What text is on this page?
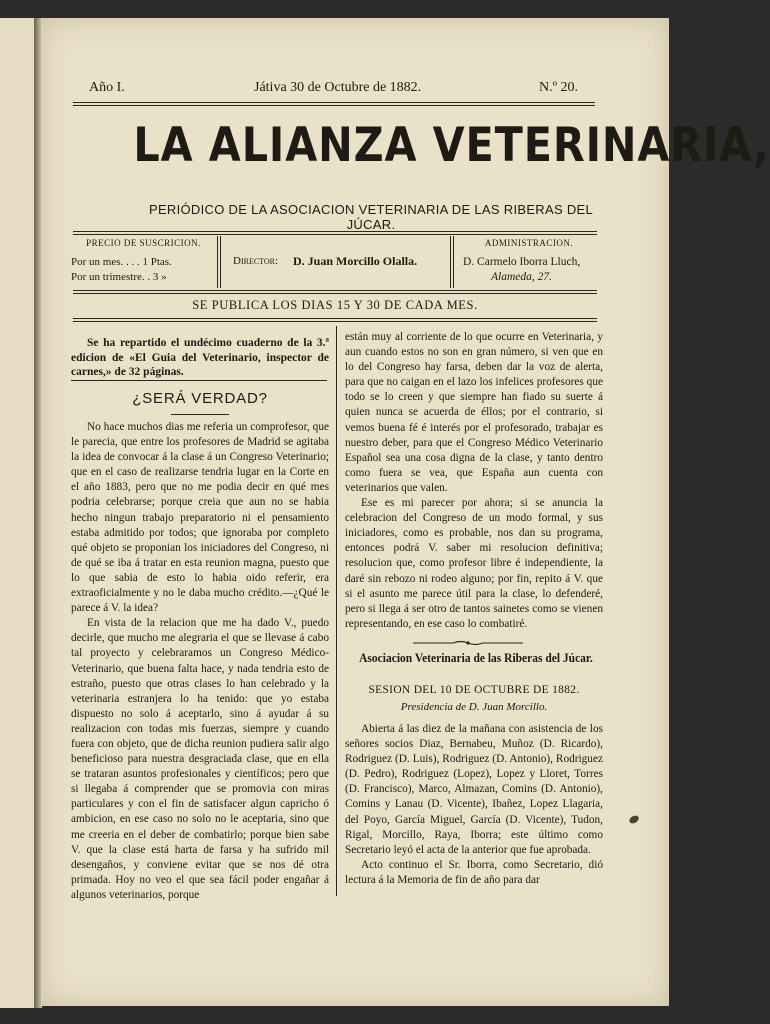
Año I.	Játiva 30 de Octubre de 1882.	N.º 20.
LA ALIANZA VETERINARIA,
PERIÓDICO DE LA ASOCIACION VETERINARIA DE LAS RIBERAS DEL JÚCAR.
PRECIO DE SUSCRICION.
Por un mes. . . . 1 Ptas.
Por un trimestre. . 3 »
Director: D. Juan Morcillo Olalla.
ADMINISTRACION.
D. Carmelo Iborra Lluch,
Alameda, 27.
SE PUBLICA LOS DIAS 15 Y 30 DE CADA MES.

Se ha repartido el undécimo cuaderno de la 3.ª edicion de «El Guia del Veterinario, inspector de carnes,» de 32 páginas.

¿SERÁ VERDAD?

No hace muchos dias me referia un comprofesor, que le parecia, que entre los profesores de Madrid se agitaba la idea de convocar á la clase á un Congreso Veterinario; que en el caso de realizarse tendria lugar en la Corte en el año 1883, pero que no me podia decir en qué mes podria celebrarse; porque creia que aun no se habia hecho ningun trabajo preparatorio ni el pensamiento estaba admitido por todos; que ignoraba por completo qué objeto se proponian los iniciadores del Congreso, ni de qué se iba á tratar en esta reunion magna, puesto que lo que sabia de esto lo habia oido referir, era extraoficialmente y no le daba mucho crédito.—¿Qué le parece á V. la idea?

En vista de la relacion que me ha dado V., puedo decirle, que mucho me alegraria el que se llevase á cabo tal proyecto y celebraramos un Congreso Médico-Veterinario, que buena falta hace, y nada tendria esto de estraño, puesto que otras clases lo han celebrado y la veterinaria estranjera lo ha tenido: que yo estaba dispuesto no solo á aceptarlo, sino á ayudar á su realizacion con todas mis fuerzas, siempre y cuando fuera con objeto, que de dicha reunion pudiera salir algo beneficioso para nuestra desgraciada clase, que en ella se trataran asuntos profesionales y científicos; pero que si llegaba á comprender que se promovia con miras particulares y con el fin de satisfacer algun capricho ó ambicion, en ese caso no solo no le aceptaria, sino que me creeria en el deber de combatirlo; porque bien sabe V. que la clase está harta de farsa y ha sufrido mil desengaños, y conviene evitar que se nos dé otra primada. Hoy no veo el que sea fácil poder engañar á algunos veterinarios, porque

están muy al corriente de lo que ocurre en Veterinaria, y aun cuando estos no son en gran número, si ven que en lo del Congreso hay farsa, deben dar la voz de alerta, para que no caigan en el lazo los infelices profesores que todo se lo creen y que siempre han fiado su suerte á quien nunca se acuerda de éllos; por el contrario, si vemos buena fé é interés por el profesorado, trabajar es nuestro deber, para que el Congreso Médico Veterinario Español sea una cosa digna de la clase, y tanto dentro como fuera se vea, que España aun cuenta con veterinarios que valen.

Ese es mi parecer por ahora; si se anuncia la celebracion del Congreso de un modo formal, y sus iniciadores, como es probable, nos dan su programa, entonces podrá V. saber mi resolucion definitiva; resolucion que, como profesor libre é independiente, la daré sin rebozo ni rodeo alguno; por fin, repito á V. que si el asunto me parece útil para la clase, lo defenderé, pero si llega á ser otro de tantos sainetes como se vienen representando, en ese caso lo combatiré.

Asociacion Veterinaria de las Riberas del Júcar.
SESION DEL 10 DE OCTUBRE DE 1882.
Presidencia de D. Juan Morcillo.

Abierta á las diez de la mañana con asistencia de los señores socios Diaz, Bernabeu, Muñoz (D. Ricardo), Rodriguez (D. Luis), Rodriguez (D. Antonio), Rodriguez (D. Pedro), Rodriguez (Lopez), Lopez y Lloret, Torres (D. Francisco), Marco, Almazan, Comins (D. Antonio), Comins y Lanau (D. Vicente), Ibañez, Lopez Llagaria, del Poyo, García Miguel, García (D. Vicente), Tudon, Rigal, Morcillo, Raya, Iborra; este último como Secretario leyó el acta de la anterior que fue aprobada.

Acto continuo el Sr. Iborra, como Secretario, dió lectura á la Memoria de fin de año para dar
